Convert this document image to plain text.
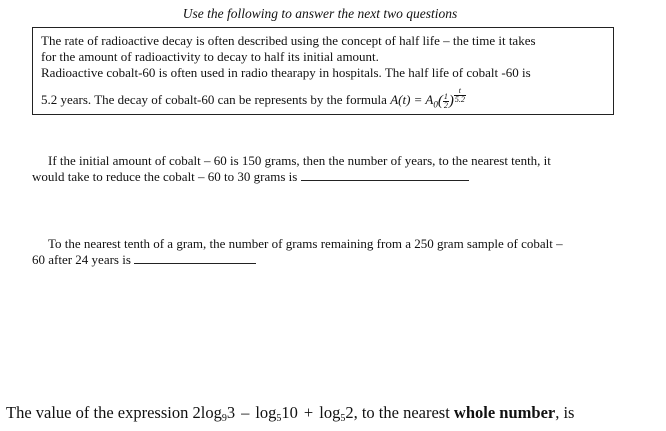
Use the following to answer the next two questions

The rate of radioactive decay is often described using the concept of half life – the time it takes

for the amount of radioactivity to decay to half its initial amount.

Radioactive cobalt-60 is often used in radio thearapy in hospitals. The half life of cobalt -60 is

5.2 years. The decay of cobalt-60 can be represents by the formula $A(t) = A_0( \frac{1}{2}$ ) $\frac{t}{5.2}$

If the initial amount of cobalt – 60 is 150 grams, then the number of years, to the nearest tenth, it
would take to reduce the cobalt – 60 to 30 grams is
To the nearest tenth of a gram, the number of grams remaining from a 250 gram sample of cobalt –
60 after 24 years is
The value of the expression $2\log_93 - \log_510 + \log_52$, to the nearest whole number, is
